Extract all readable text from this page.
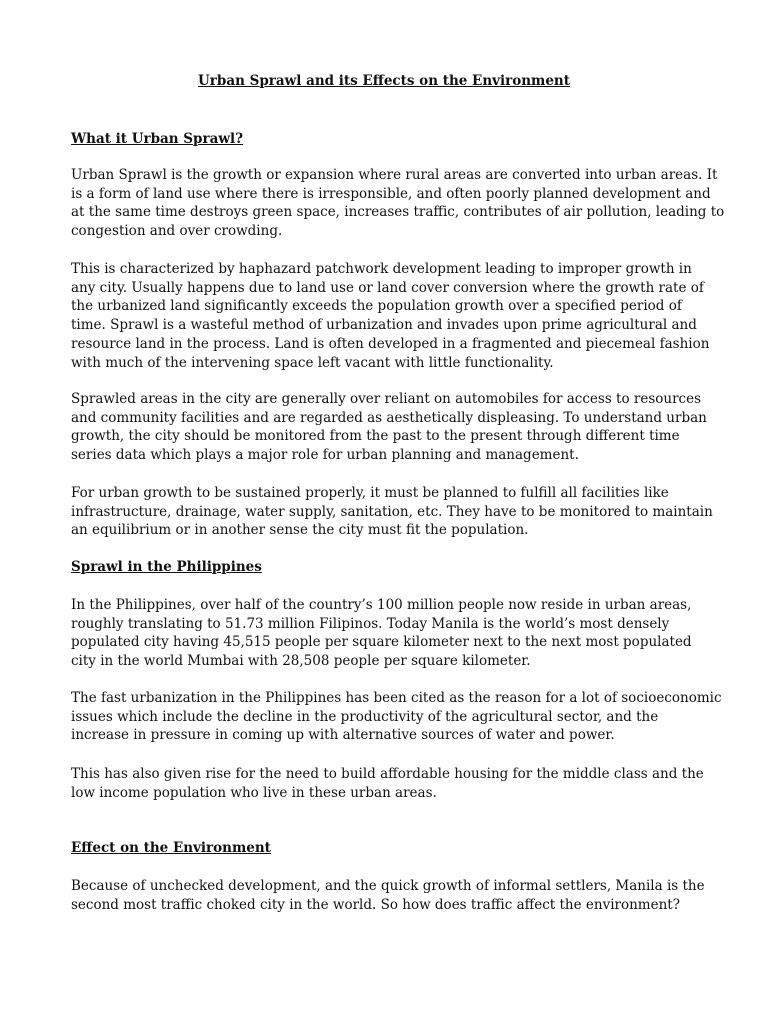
Urban Sprawl and its Effects on the Environment
What it Urban Sprawl?

Urban Sprawl is the growth or expansion where rural areas are converted into urban areas. It
is a form of land use where there is irresponsible, and often poorly planned development and
at the same time destroys green space, increases traffic, contributes of air pollution, leading to
congestion and over crowding.

This is characterized by haphazard patchwork development leading to improper growth in
any city. Usually happens due to land use or land cover conversion where the growth rate of
the urbanized land significantly exceeds the population growth over a specified period of
time. Sprawl is a wasteful method of urbanization and invades upon prime agricultural and
resource land in the process. Land is often developed in a fragmented and piecemeal fashion
with much of the intervening space left vacant with little functionality.

Sprawled areas in the city are generally over reliant on automobiles for access to resources
and community facilities and are regarded as aesthetically displeasing. To understand urban
growth, the city should be monitored from the past to the present through different time
series data which plays a major role for urban planning and management.

For urban growth to be sustained properly, it must be planned to fulfill all facilities like
infrastructure, drainage, water supply, sanitation, etc. They have to be monitored to maintain
an equilibrium or in another sense the city must fit the population.

Sprawl in the Philippines

In the Philippines, over half of the country’s 100 million people now reside in urban areas,
roughly translating to 51.73 million Filipinos. Today Manila is the world’s most densely
populated city having 45,515 people per square kilometer next to the next most populated
city in the world Mumbai with 28,508 people per square kilometer.

The fast urbanization in the Philippines has been cited as the reason for a lot of socioeconomic
issues which include the decline in the productivity of the agricultural sector, and the
increase in pressure in coming up with alternative sources of water and power.

This has also given rise for the need to build affordable housing for the middle class and the
low income population who live in these urban areas.

Effect on the Environment

Because of unchecked development, and the quick growth of informal settlers, Manila is the
second most traffic choked city in the world. So how does traffic affect the environment?
